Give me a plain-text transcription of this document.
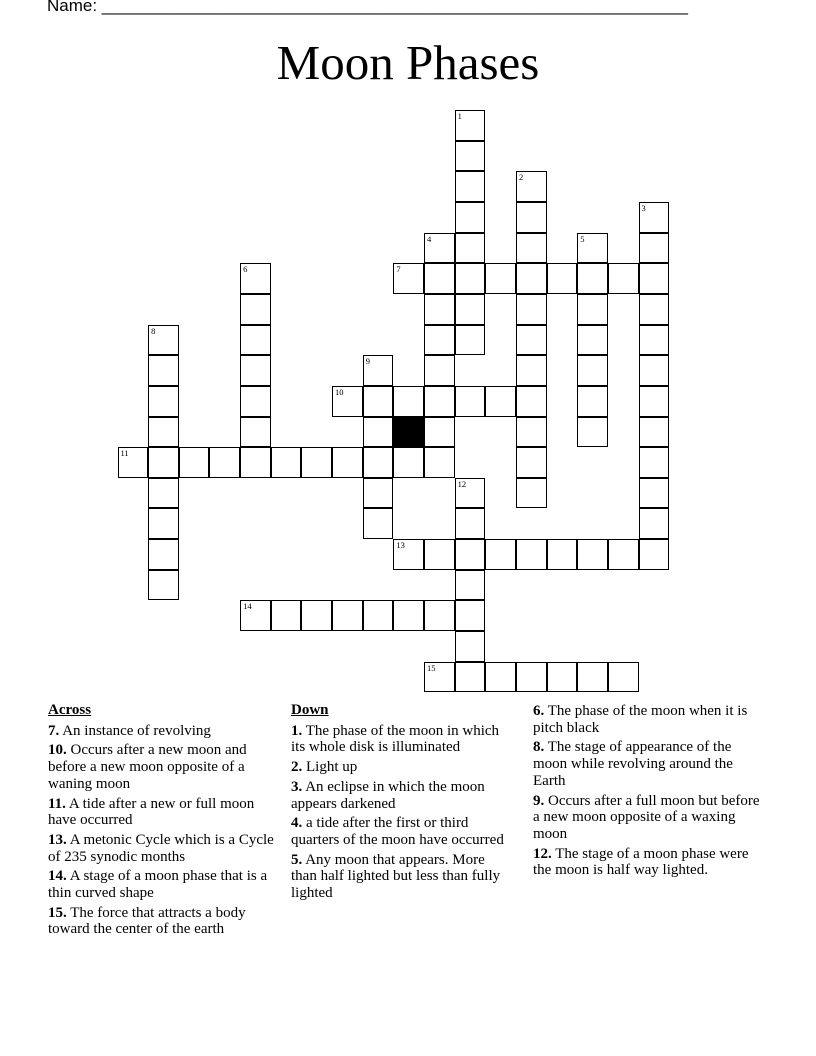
Name: ______________________________________________________________
Moon Phases
1
2
3
4	5
6	7
8
9
10
11
12
13
14
15
Across
7. An instance of revolving
10. Occurs after a new moon and before a new moon opposite of a waning moon
11. A tide after a new or full moon have occurred
13. A metonic Cycle which is a Cycle of 235 synodic months
14. A stage of a moon phase that is a thin curved shape
15. The force that attracts a body toward the center of the earth
Down
1. The phase of the moon in which its whole disk is illuminated
2. Light up
3. An eclipse in which the moon appears darkened
4. a tide after the first or third quarters of the moon have occurred
5. Any moon that appears. More than half lighted but less than fully lighted
6. The phase of the moon when it is pitch black
8. The stage of appearance of the moon while revolving around the Earth
9. Occurs after a full moon but before a new moon opposite of a waxing moon
12. The stage of a moon phase were the moon is half way lighted.
